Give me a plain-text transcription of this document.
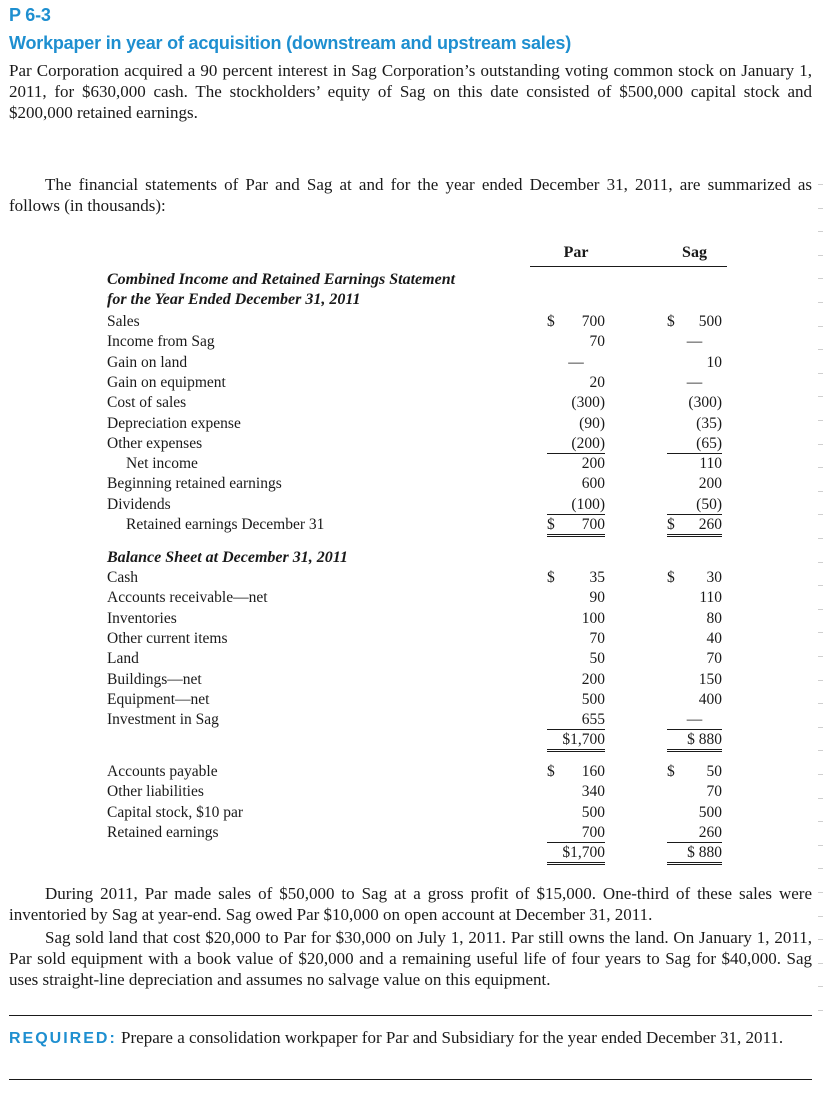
P 6-3
Workpaper in year of acquisition (downstream and upstream sales)

Par Corporation acquired a 90 percent interest in Sag Corporation’s outstanding voting common stock on January 1, 2011, for $630,000 cash. The stockholders’ equity of Sag on this date consisted of $500,000 capital stock and $200,000 retained earnings.

The financial statements of Par and Sag at and for the year ended December 31, 2011, are summarized as follows (in thousands):

Par	Sag
Combined Income and Retained Earnings Statement
for the Year Ended December 31, 2011
Sales	$ 700	$ 500
Income from Sag	70	—
Gain on land	—	10
Gain on equipment	20	—
Cost of sales	(300)	(300)
Depreciation expense	(90)	(35)
Other expenses	(200)	(65)
Net income	200	110
Beginning retained earnings	600	200
Dividends	(100)	(50)
Retained earnings December 31	$ 700	$ 260
Balance Sheet at December 31, 2011
Cash	$ 35	$ 30
Accounts receivable—net	90	110
Inventories	100	80
Other current items	70	40
Land	50	70
Buildings—net	200	150
Equipment—net	500	400
Investment in Sag	655	—
$1,700	$ 880
Accounts payable	$ 160	$ 50
Other liabilities	340	70
Capital stock, $10 par	500	500
Retained earnings	700	260
$1,700	$ 880

During 2011, Par made sales of $50,000 to Sag at a gross profit of $15,000. One-third of these sales were inventoried by Sag at year-end. Sag owed Par $10,000 on open account at December 31, 2011.

Sag sold land that cost $20,000 to Par for $30,000 on July 1, 2011. Par still owns the land. On January 1, 2011, Par sold equipment with a book value of $20,000 and a remaining useful life of four years to Sag for $40,000. Sag uses straight-line depreciation and assumes no salvage value on this equipment.

REQUIRED: Prepare a consolidation workpaper for Par and Subsidiary for the year ended December 31, 2011.
